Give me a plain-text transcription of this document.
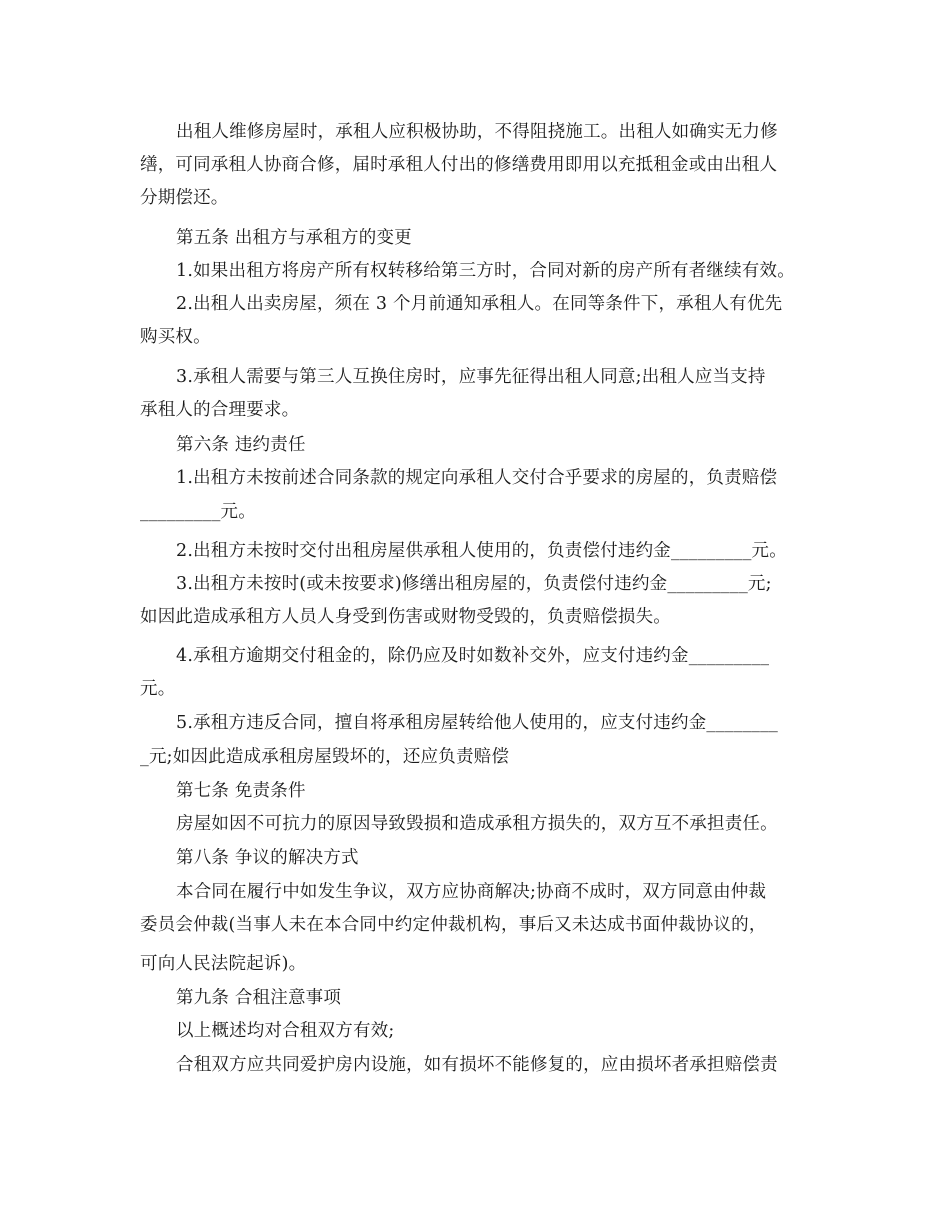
出租人维修房屋时，承租人应积极协助，不得阻挠施工。出租人如确实无力修
缮，可同承租人协商合修，届时承租人付出的修缮费用即用以充抵租金或由出租人
分期偿还。
第五条 出租方与承租方的变更
1.如果出租方将房产所有权转移给第三方时，合同对新的房产所有者继续有效。
2.出租人出卖房屋，须在 3 个月前通知承租人。在同等条件下，承租人有优先
购买权。
3.承租人需要与第三人互换住房时，应事先征得出租人同意;出租人应当支持
承租人的合理要求。
第六条 违约责任
1.出租方未按前述合同条款的规定向承租人交付合乎要求的房屋的，负责赔偿
_________元。
2.出租方未按时交付出租房屋供承租人使用的，负责偿付违约金_________元。
3.出租方未按时(或未按要求)修缮出租房屋的，负责偿付违约金_________元;
如因此造成承租方人员人身受到伤害或财物受毁的，负责赔偿损失。
4.承租方逾期交付租金的，除仍应及时如数补交外，应支付违约金_________
元。
5.承租方违反合同，擅自将承租房屋转给他人使用的，应支付违约金________
_元;如因此造成承租房屋毁坏的，还应负责赔偿
第七条 免责条件
房屋如因不可抗力的原因导致毁损和造成承租方损失的，双方互不承担责任。
第八条 争议的解决方式
本合同在履行中如发生争议，双方应协商解决;协商不成时，双方同意由仲裁
委员会仲裁(当事人未在本合同中约定仲裁机构，事后又未达成书面仲裁协议的，
可向人民法院起诉)。
第九条 合租注意事项
以上概述均对合租双方有效;
合租双方应共同爱护房内设施，如有损坏不能修复的，应由损坏者承担赔偿责
